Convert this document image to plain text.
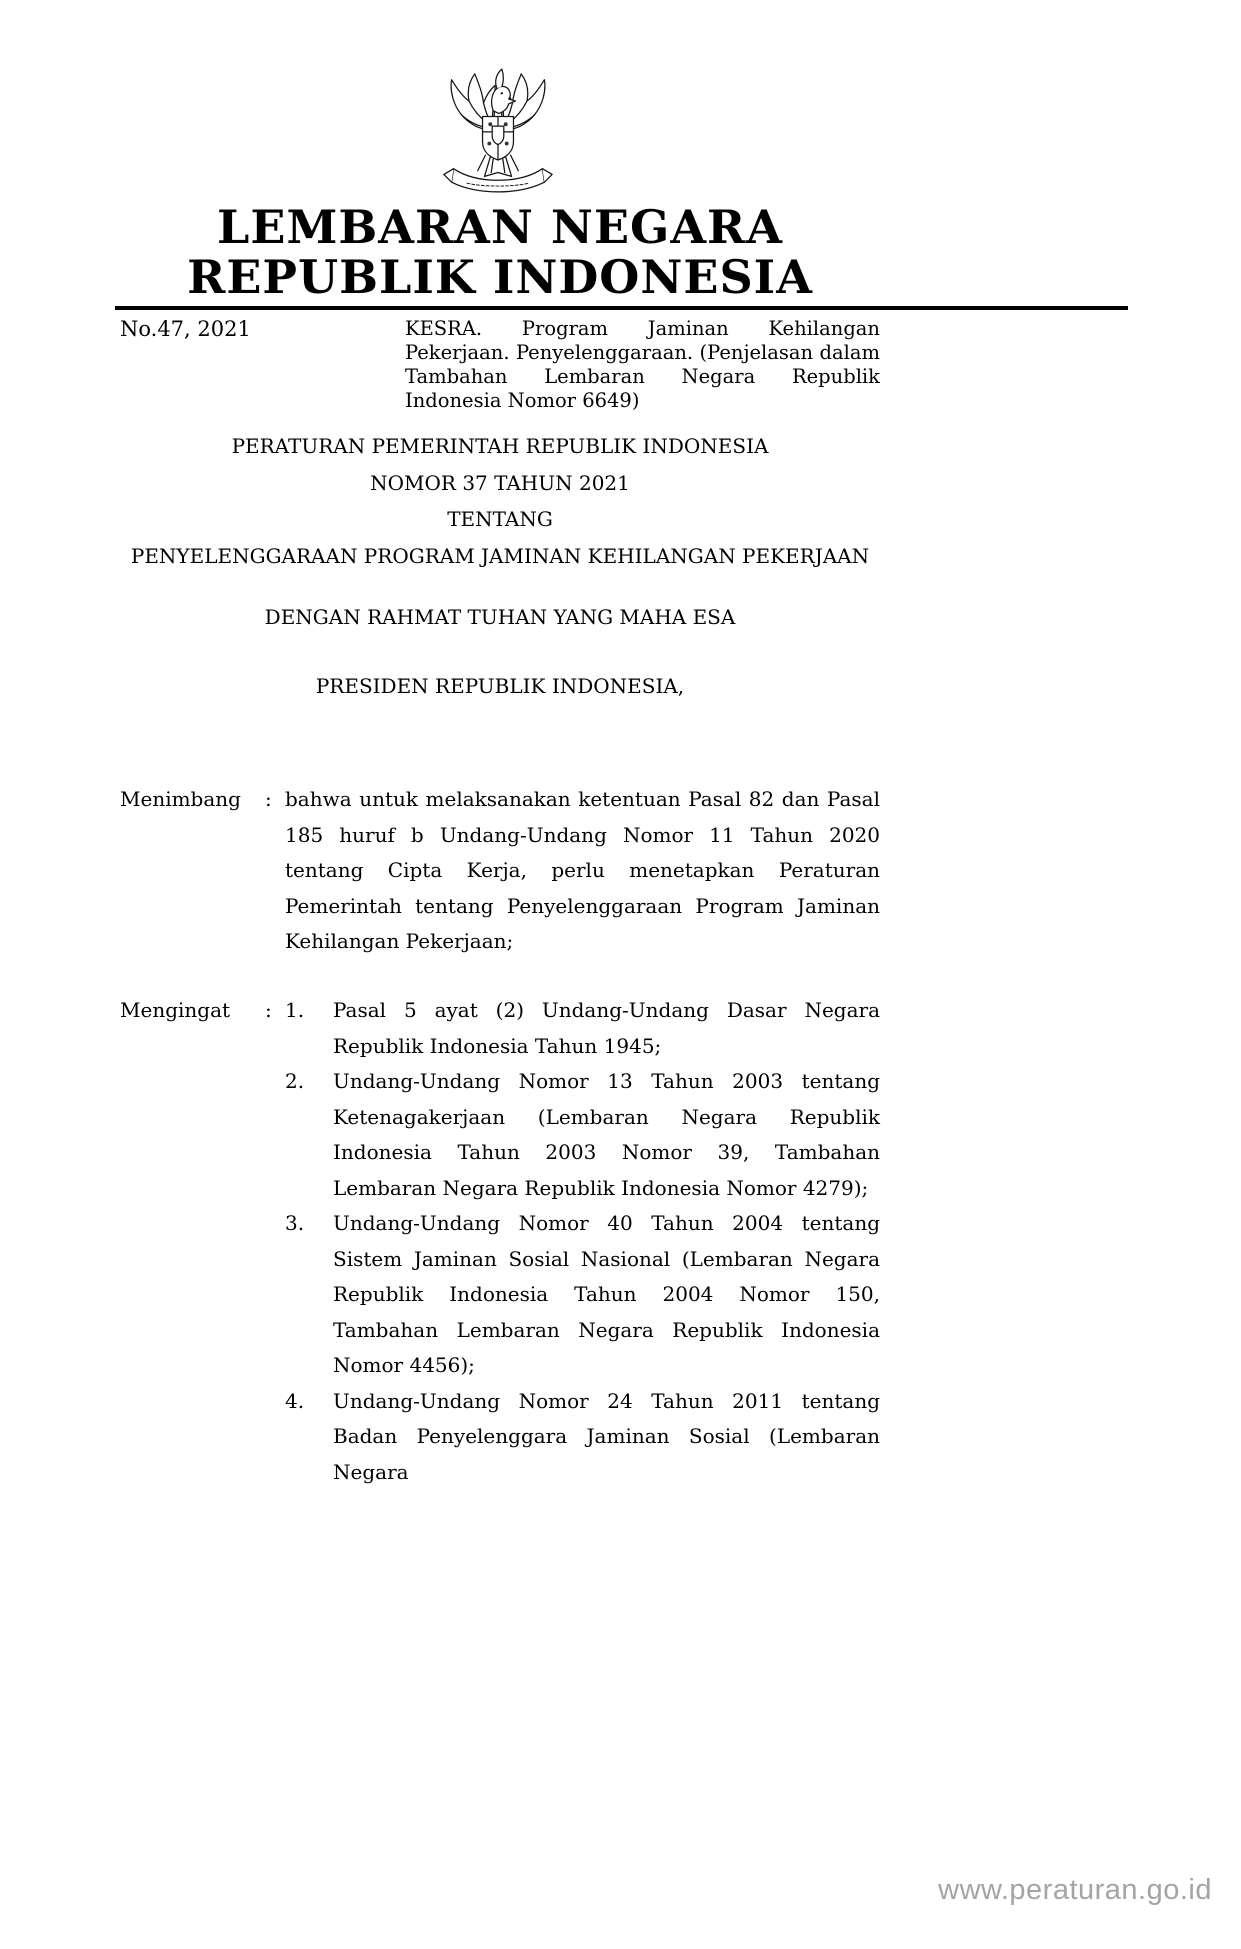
LEMBARAN NEGARA
REPUBLIK INDONESIA
No.47, 2021	KESRA. Program Jaminan Kehilangan Pekerjaan. Penyelenggaraan. (Penjelasan dalam Tambahan Lembaran Negara Republik Indonesia Nomor 6649)
PERATURAN PEMERINTAH REPUBLIK INDONESIA
NOMOR 37 TAHUN 2021
TENTANG
PENYELENGGARAAN PROGRAM JAMINAN KEHILANGAN PEKERJAAN
DENGAN RAHMAT TUHAN YANG MAHA ESA
PRESIDEN REPUBLIK INDONESIA,
Menimbang	: bahwa untuk melaksanakan ketentuan Pasal 82 dan Pasal 185 huruf b Undang-Undang Nomor 11 Tahun 2020 tentang Cipta Kerja, perlu menetapkan Peraturan Pemerintah tentang Penyelenggaraan Program Jaminan Kehilangan Pekerjaan;
Mengingat	: 1.	Pasal 5 ayat (2) Undang-Undang Dasar Negara Republik Indonesia Tahun 1945;
2.	Undang-Undang Nomor 13 Tahun 2003 tentang Ketenagakerjaan (Lembaran Negara Republik Indonesia Tahun 2003 Nomor 39, Tambahan Lembaran Negara Republik Indonesia Nomor 4279);
3.	Undang-Undang Nomor 40 Tahun 2004 tentang Sistem Jaminan Sosial Nasional (Lembaran Negara Republik Indonesia Tahun 2004 Nomor 150, Tambahan Lembaran Negara Republik Indonesia Nomor 4456);
4.	Undang-Undang Nomor 24 Tahun 2011 tentang Badan Penyelenggara Jaminan Sosial (Lembaran Negara
www.peraturan.go.id
